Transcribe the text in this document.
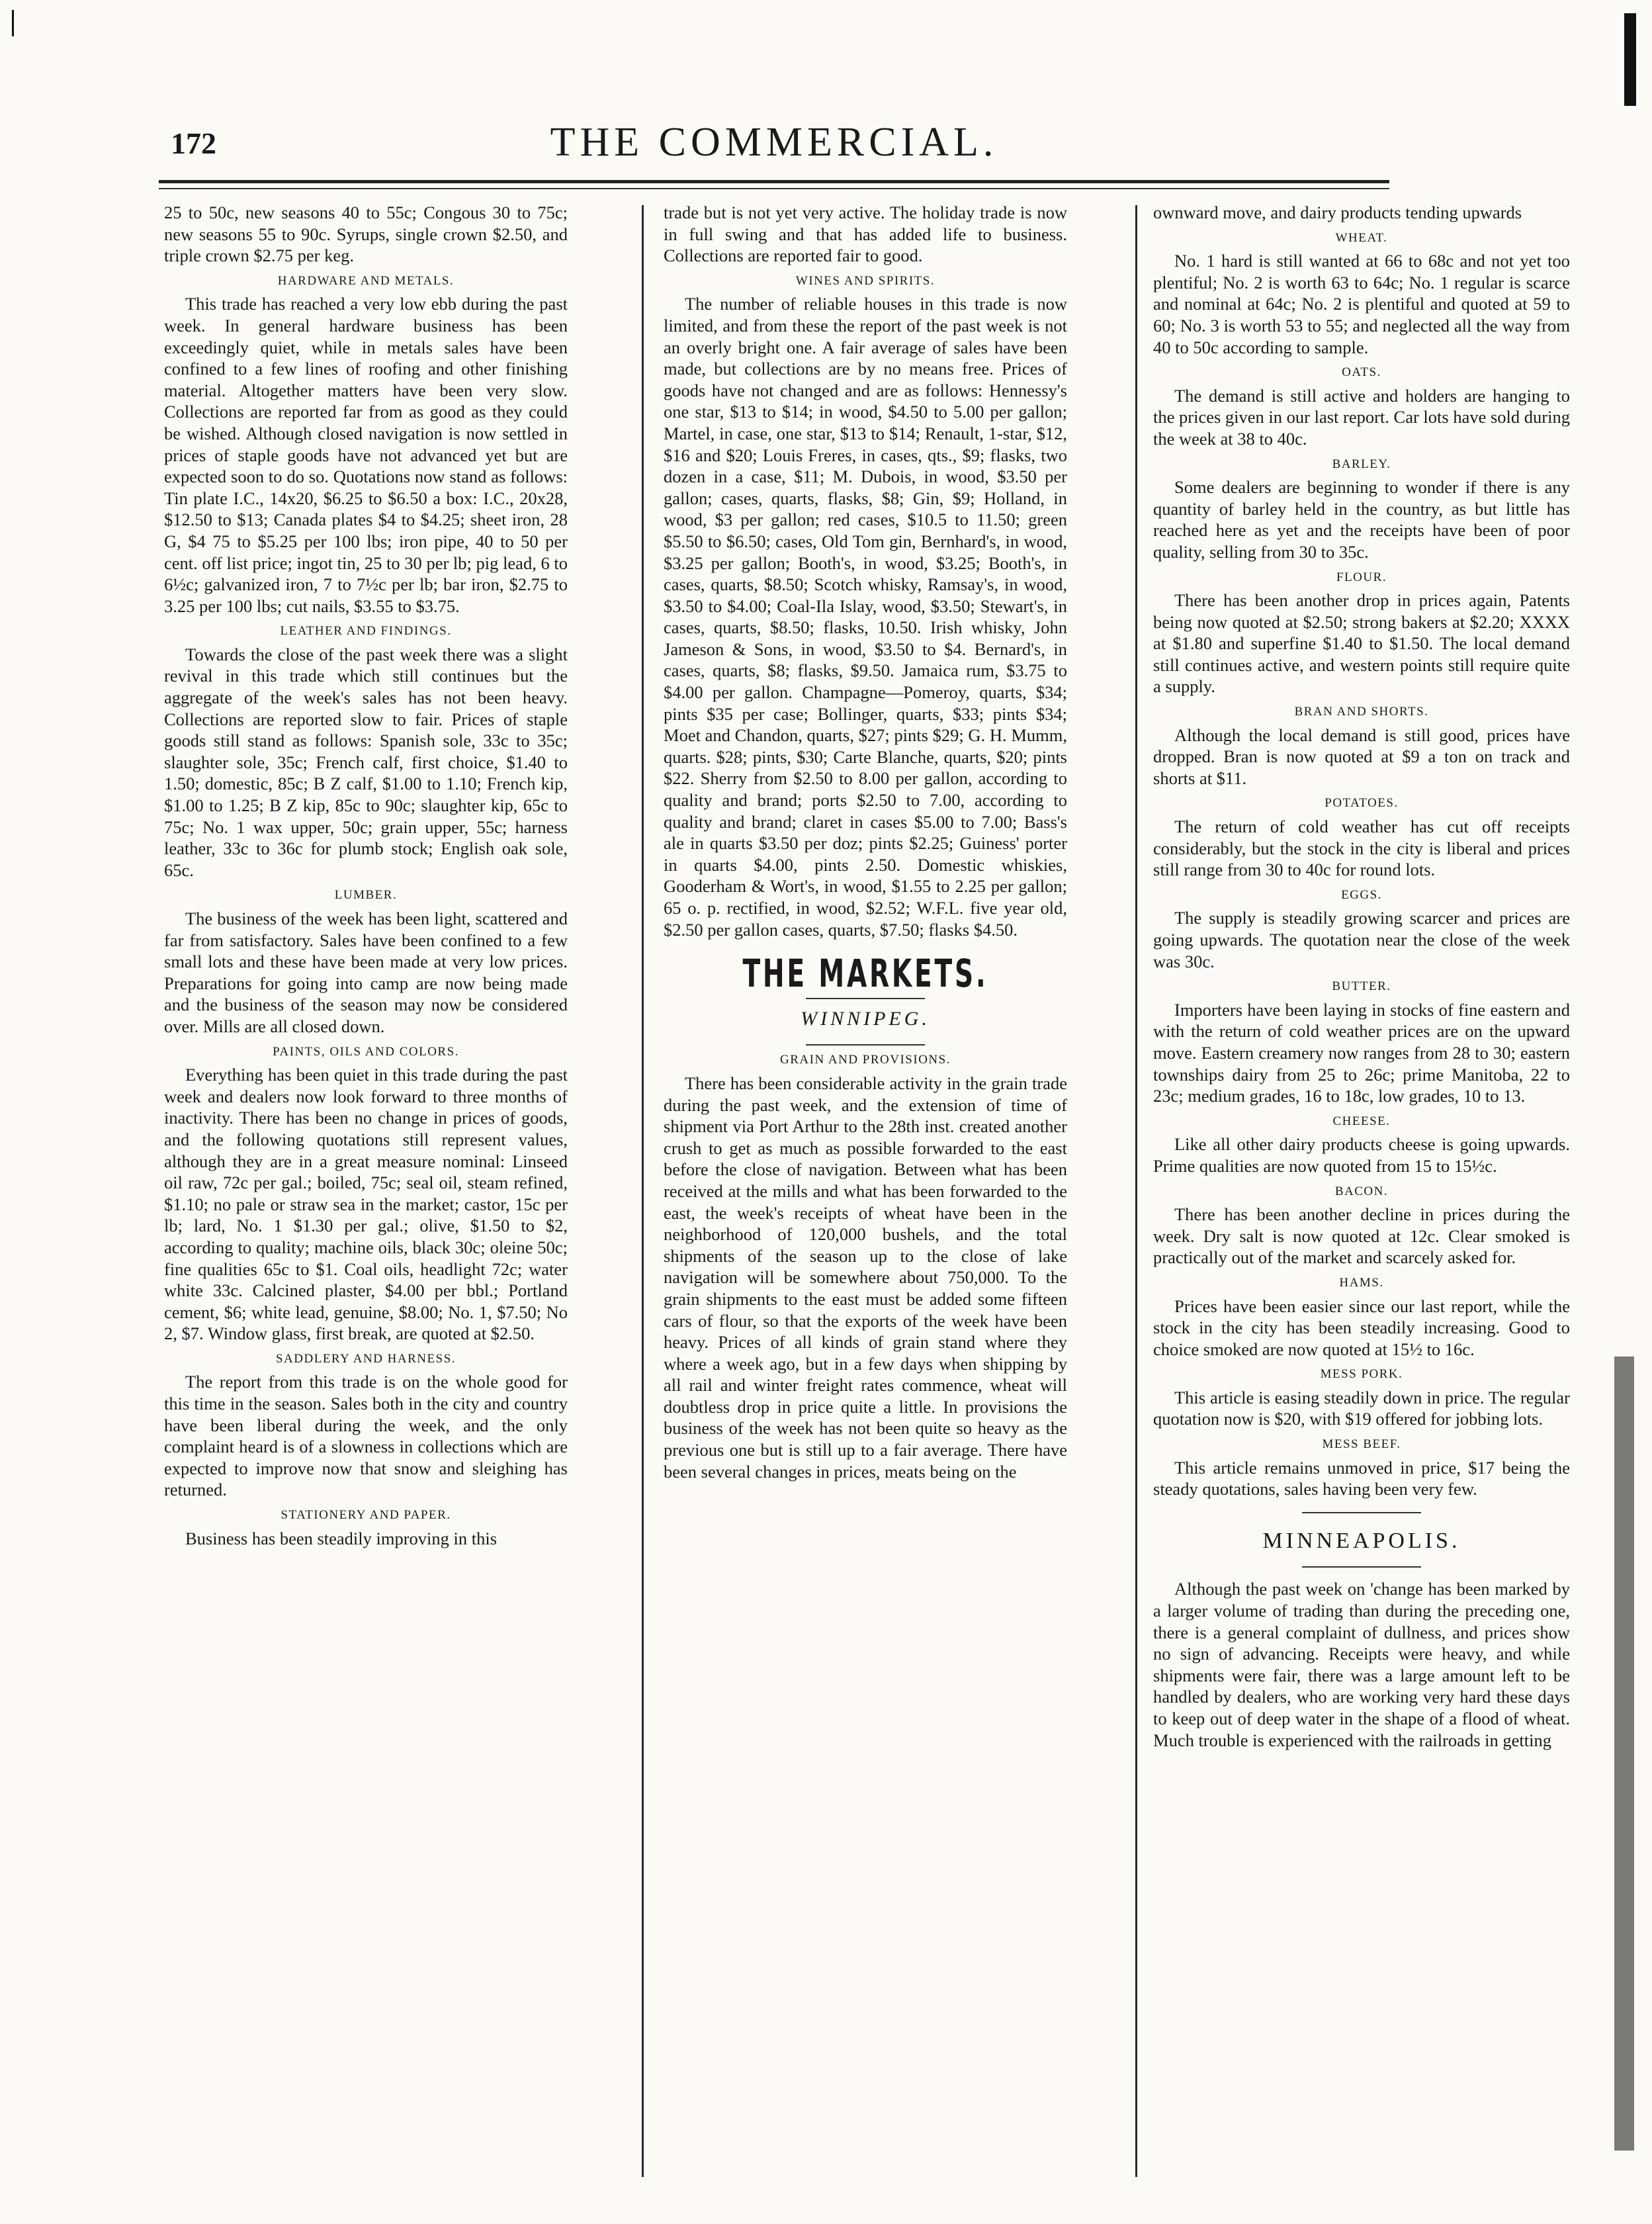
172	THE COMMERCIAL.

25 to 50c, new seasons 40 to 55c; Congous 30 to 75c; new seasons 55 to 90c. Syrups, single crown $2.50, and triple crown $2.75 per keg.

HARDWARE AND METALS.

This trade has reached a very low ebb during the past week. In general hardware business has been exceedingly quiet, while in metals sales have been confined to a few lines of roofing and other finishing material. Altogether matters have been very slow. Collections are reported far from as good as they could be wished. Although closed navigation is now settled in prices of staple goods have not advanced yet but are expected soon to do so. Quotations now stand as follows: Tin plate I.C., 14x20, $6.25 to $6.50 a box: I.C., 20x28, $12.50 to $13; Canada plates $4 to $4.25; sheet iron, 28 G, $4 75 to $5.25 per 100 lbs; iron pipe, 40 to 50 per cent. off list price; ingot tin, 25 to 30 per lb; pig lead, 6 to 6½c; galvanized iron, 7 to 7½c per lb; bar iron, $2.75 to 3.25 per 100 lbs; cut nails, $3.55 to $3.75.

LEATHER AND FINDINGS.

Towards the close of the past week there was a slight revival in this trade which still continues but the aggregate of the week's sales has not been heavy. Collections are reported slow to fair. Prices of staple goods still stand as follows: Spanish sole, 33c to 35c; slaughter sole, 35c; French calf, first choice, $1.40 to 1.50; domestic, 85c; B Z calf, $1.00 to 1.10; French kip, $1.00 to 1.25; B Z kip, 85c to 90c; slaughter kip, 65c to 75c; No. 1 wax upper, 50c; grain upper, 55c; harness leather, 33c to 36c for plumb stock; English oak sole, 65c.

LUMBER.

The business of the week has been light, scattered and far from satisfactory. Sales have been confined to a few small lots and these have been made at very low prices. Preparations for going into camp are now being made and the business of the season may now be considered over. Mills are all closed down.

PAINTS, OILS AND COLORS.

Everything has been quiet in this trade during the past week and dealers now look forward to three months of inactivity. There has been no change in prices of goods, and the following quotations still represent values, although they are in a great measure nominal: Linseed oil raw, 72c per gal.; boiled, 75c; seal oil, steam refined, $1.10; no pale or straw sea in the market; castor, 15c per lb; lard, No. 1 $1.30 per gal.; olive, $1.50 to $2, according to quality; machine oils, black 30c; oleine 50c; fine qualities 65c to $1. Coal oils, headlight 72c; water white 33c. Calcined plaster, $4.00 per bbl.; Portland cement, $6; white lead, genuine, $8.00; No. 1, $7.50; No 2, $7. Window glass, first break, are quoted at $2.50.

SADDLERY AND HARNESS.

The report from this trade is on the whole good for this time in the season. Sales both in the city and country have been liberal during the week, and the only complaint heard is of a slowness in collections which are expected to improve now that snow and sleighing has returned.

STATIONERY AND PAPER.

Business has been steadily improving in this

trade but is not yet very active. The holiday trade is now in full swing and that has added life to business. Collections are reported fair to good.

WINES AND SPIRITS.

The number of reliable houses in this trade is now limited, and from these the report of the past week is not an overly bright one. A fair average of sales have been made, but collections are by no means free. Prices of goods have not changed and are as follows: Hennessy's one star, $13 to $14; in wood, $4.50 to 5.00 per gallon; Martel, in case, one star, $13 to $14; Renault, 1-star, $12, $16 and $20; Louis Freres, in cases, qts., $9; flasks, two dozen in a case, $11; M. Dubois, in wood, $3.50 per gallon; cases, quarts, flasks, $8; Gin, $9; Holland, in wood, $3 per gallon; red cases, $10.5 to 11.50; green $5.50 to $6.50; cases, Old Tom gin, Bernhard's, in wood, $3.25 per gallon; Booth's, in wood, $3.25; Booth's, in cases, quarts, $8.50; Scotch whisky, Ramsay's, in wood, $3.50 to $4.00; Coal-Ila Islay, wood, $3.50; Stewart's, in cases, quarts, $8.50; flasks, 10.50. Irish whisky, John Jameson & Sons, in wood, $3.50 to $4. Bernard's, in cases, quarts, $8; flasks, $9.50. Jamaica rum, $3.75 to $4.00 per gallon. Champagne—Pomeroy, quarts, $34; pints $35 per case; Bollinger, quarts, $33; pints $34; Moet and Chandon, quarts, $27; pints $29; G. H. Mumm, quarts. $28; pints, $30; Carte Blanche, quarts, $20; pints $22. Sherry from $2.50 to 8.00 per gallon, according to quality and brand; ports $2.50 to 7.00, according to quality and brand; claret in cases $5.00 to 7.00; Bass's ale in quarts $3.50 per doz; pints $2.25; Guiness' porter in quarts $4.00, pints 2.50. Domestic whiskies, Gooderham & Wort's, in wood, $1.55 to 2.25 per gallon; 65 o. p. rectified, in wood, $2.52; W.F.L. five year old, $2.50 per gallon cases, quarts, $7.50; flasks $4.50.

THE MARKETS.
WINNIPEG.
GRAIN AND PROVISIONS.

There has been considerable activity in the grain trade during the past week, and the extension of time of shipment via Port Arthur to the 28th inst. created another crush to get as much as possible forwarded to the east before the close of navigation. Between what has been received at the mills and what has been forwarded to the east, the week's receipts of wheat have been in the neighborhood of 120,000 bushels, and the total shipments of the season up to the close of lake navigation will be somewhere about 750,000. To the grain shipments to the east must be added some fifteen cars of flour, so that the exports of the week have been heavy. Prices of all kinds of grain stand where they where a week ago, but in a few days when shipping by all rail and winter freight rates commence, wheat will doubtless drop in price quite a little. In provisions the business of the week has not been quite so heavy as the previous one but is still up to a fair average. There have been several changes in prices, meats being on the

ownward move, and dairy products tending upwards

WHEAT.

No. 1 hard is still wanted at 66 to 68c and not yet too plentiful; No. 2 is worth 63 to 64c; No. 1 regular is scarce and nominal at 64c; No. 2 is plentiful and quoted at 59 to 60; No. 3 is worth 53 to 55; and neglected all the way from 40 to 50c according to sample.

OATS.

The demand is still active and holders are hanging to the prices given in our last report. Car lots have sold during the week at 38 to 40c.

BARLEY.

Some dealers are beginning to wonder if there is any quantity of barley held in the country, as but little has reached here as yet and the receipts have been of poor quality, selling from 30 to 35c.

FLOUR.

There has been another drop in prices again, Patents being now quoted at $2.50; strong bakers at $2.20; XXXX at $1.80 and superfine $1.40 to $1.50. The local demand still continues active, and western points still require quite a supply.

BRAN AND SHORTS.

Although the local demand is still good, prices have dropped. Bran is now quoted at $9 a ton on track and shorts at $11.

POTATOES.

The return of cold weather has cut off receipts considerably, but the stock in the city is liberal and prices still range from 30 to 40c for round lots.

EGGS.

The supply is steadily growing scarcer and prices are going upwards. The quotation near the close of the week was 30c.

BUTTER.

Importers have been laying in stocks of fine eastern and with the return of cold weather prices are on the upward move. Eastern creamery now ranges from 28 to 30; eastern townships dairy from 25 to 26c; prime Manitoba, 22 to 23c; medium grades, 16 to 18c, low grades, 10 to 13.

CHEESE.

Like all other dairy products cheese is going upwards. Prime qualities are now quoted from 15 to 15½c.

BACON.

There has been another decline in prices during the week. Dry salt is now quoted at 12c. Clear smoked is practically out of the market and scarcely asked for.

HAMS.

Prices have been easier since our last report, while the stock in the city has been steadily increasing. Good to choice smoked are now quoted at 15½ to 16c.

MESS PORK.

This article is easing steadily down in price. The regular quotation now is $20, with $19 offered for jobbing lots.

MESS BEEF.

This article remains unmoved in price, $17 being the steady quotations, sales having been very few.

MINNEAPOLIS.

Although the past week on 'change has been marked by a larger volume of trading than during the preceding one, there is a general complaint of dullness, and prices show no sign of advancing. Receipts were heavy, and while shipments were fair, there was a large amount left to be handled by dealers, who are working very hard these days to keep out of deep water in the shape of a flood of wheat. Much trouble is experienced with the railroads in getting
